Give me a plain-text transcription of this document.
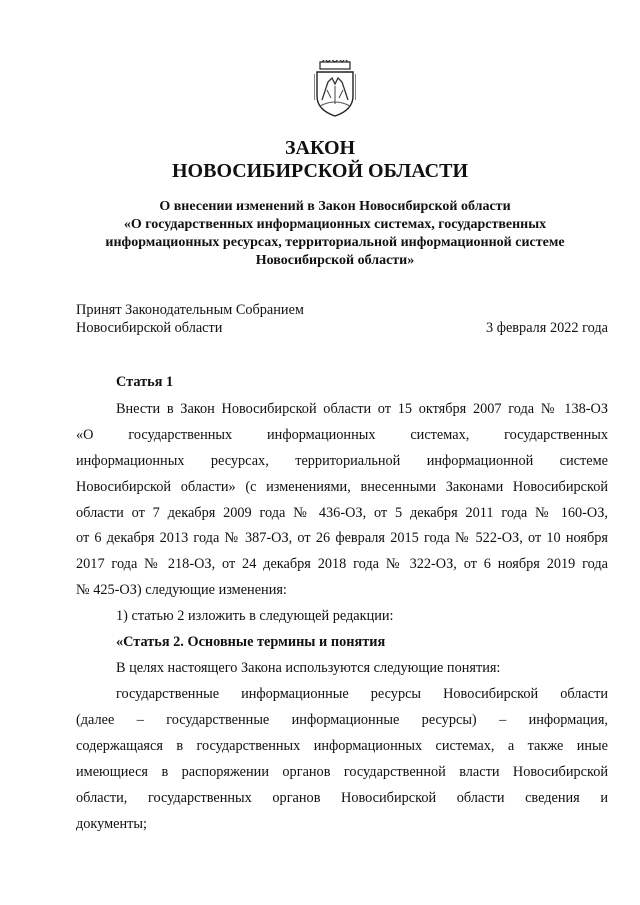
ЗАКОН
НОВОСИБИРСКОЙ ОБЛАСТИ
О внесении изменений в Закон Новосибирской области
«О государственных информационных системах, государственных
информационных ресурсах, территориальной информационной системе
Новосибирской области»
Принят Законодательным Собранием
Новосибирской области	3 февраля 2022 года
Статья 1
Внести в Закон Новосибирской области от 15 октября 2007 года № 138-ОЗ
«О государственных информационных системах, государственных
информационных ресурсах, территориальной информационной системе
Новосибирской области» (с изменениями, внесенными Законами Новосибирской
области от 7 декабря 2009 года № 436-ОЗ, от 5 декабря 2011 года № 160-ОЗ,
от 6 декабря 2013 года № 387-ОЗ, от 26 февраля 2015 года № 522-ОЗ, от 10 ноября
2017 года № 218-ОЗ, от 24 декабря 2018 года № 322-ОЗ, от 6 ноября 2019 года
№ 425-ОЗ) следующие изменения:
1) статью 2 изложить в следующей редакции:
«Статья 2. Основные термины и понятия
В целях настоящего Закона используются следующие понятия:
государственные информационные ресурсы Новосибирской области
(далее – государственные информационные ресурсы) – информация,
содержащаяся в государственных информационных системах, а также иные
имеющиеся в распоряжении органов государственной власти Новосибирской
области, государственных органов Новосибирской области сведения и
документы;
